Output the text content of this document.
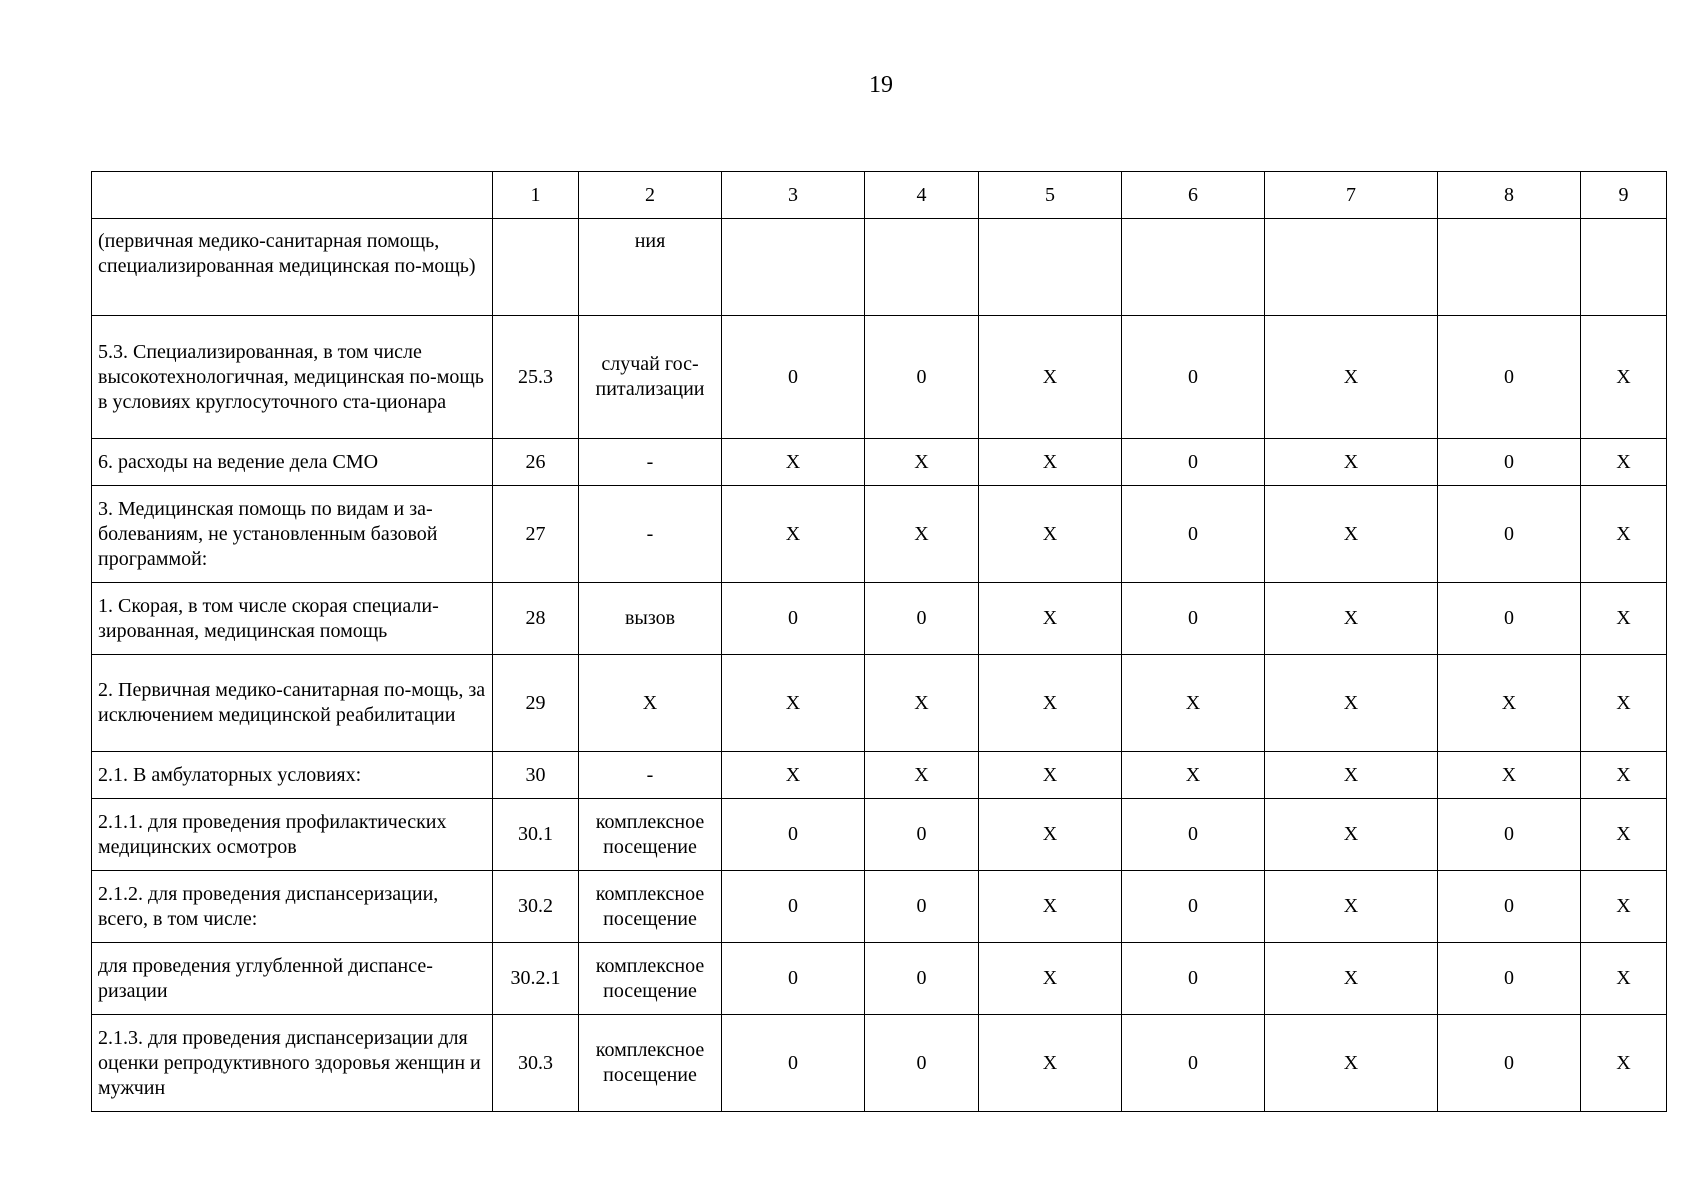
19
	1	2	3	4	5	6	7	8	9
(первичная медико-санитарная помощь, специализированная медицинская по-мощь)		ния							
5.3. Специализированная, в том числе высокотехнологичная, медицинская по-мощь в условиях круглосуточного ста-ционара	25.3	случай гос-питализации	0	0	X	0	X	0	X
6. расходы на ведение дела СМО	26	-	X	X	X	0	X	0	X
3. Медицинская помощь по видам и за-болеваниям, не установленным базовой программой:	27	-	X	X	X	0	X	0	X
1. Скорая, в том числе скорая специали-зированная, медицинская помощь	28	вызов	0	0	X	0	X	0	X
2. Первичная медико-санитарная по-мощь, за исключением медицинской реабилитации	29	X	X	X	X	X	X	X	X
2.1. В амбулаторных условиях:	30	-	X	X	X	X	X	X	X
2.1.1. для проведения профилактических медицинских осмотров	30.1	комплексное посещение	0	0	X	0	X	0	X
2.1.2. для проведения диспансеризации, всего, в том числе:	30.2	комплексное посещение	0	0	X	0	X	0	X
для проведения углубленной диспансе-ризации	30.2.1	комплексное посещение	0	0	X	0	X	0	X
2.1.3. для проведения диспансеризации для оценки репродуктивного здоровья женщин и мужчин	30.3	комплексное посещение	0	0	X	0	X	0	X
